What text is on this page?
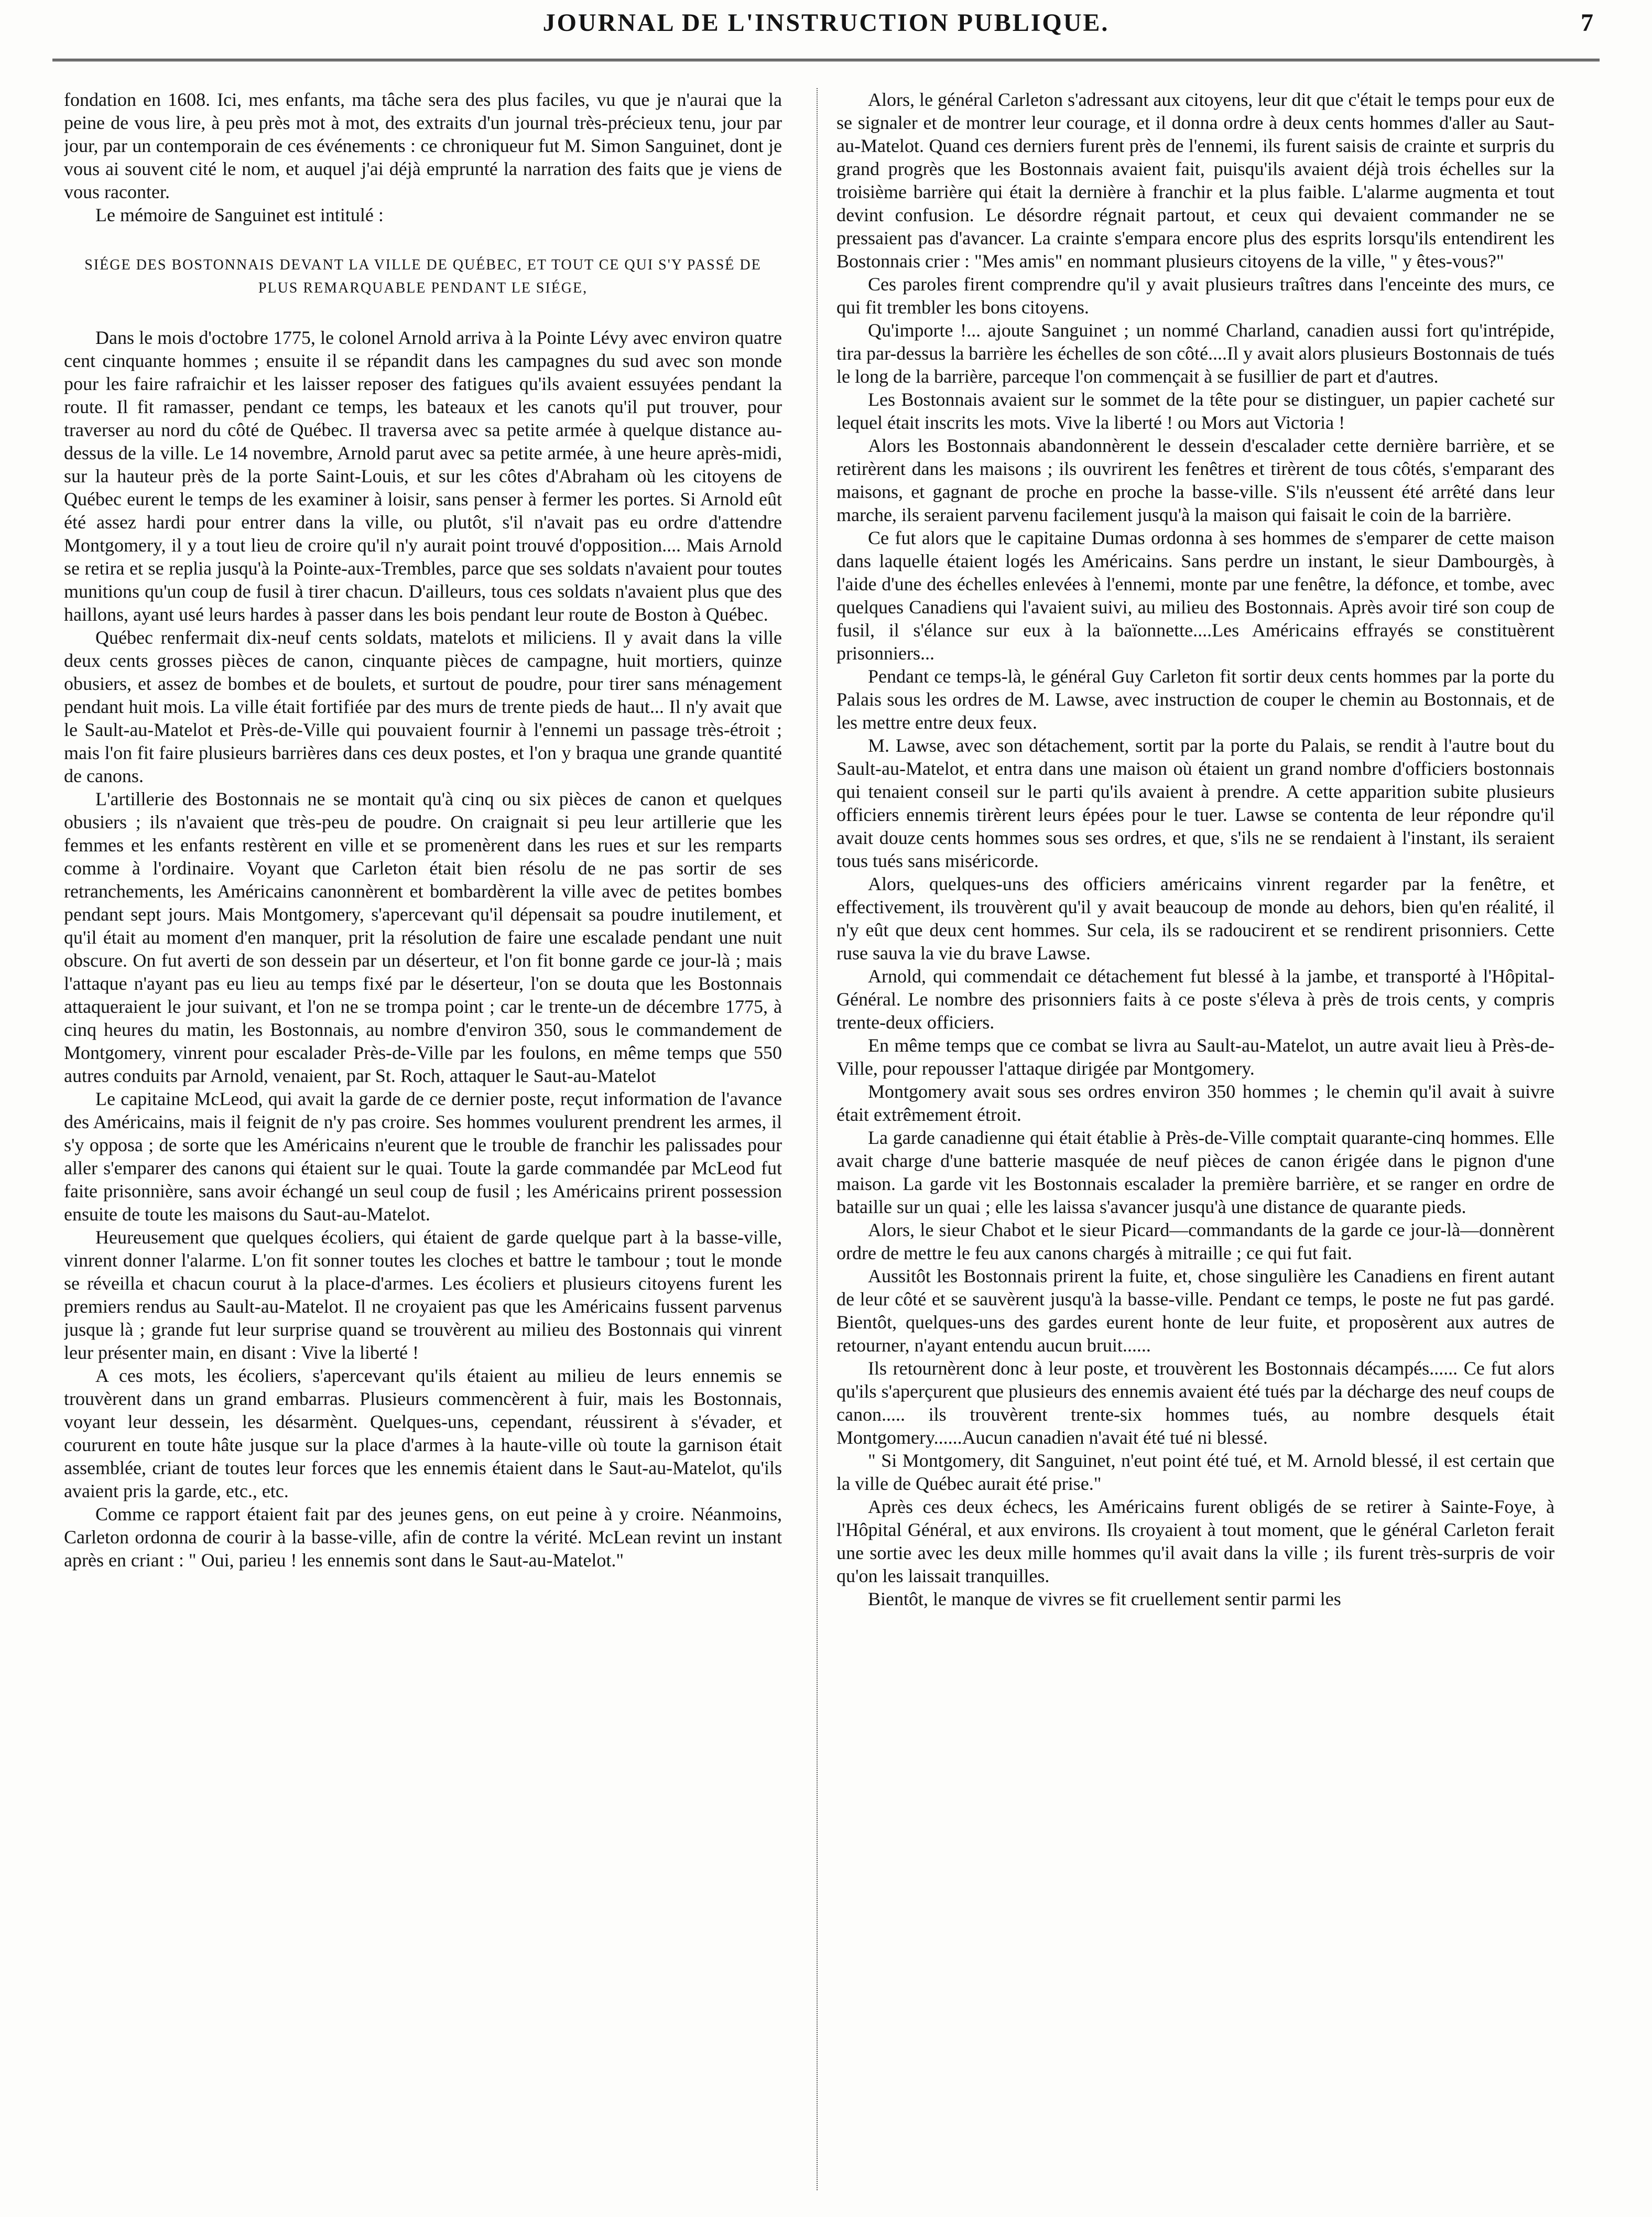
JOURNAL DE L'INSTRUCTION PUBLIQUE.	7

fondation en 1608. Ici, mes enfants, ma tâche sera des plus faciles, vu que je n'aurai que la peine de vous lire, à peu près mot à mot, des extraits d'un journal très-précieux tenu, jour par jour, par un contemporain de ces événements : ce chroniqueur fut M. Simon Sanguinet, dont je vous ai souvent cité le nom, et auquel j'ai déjà emprunté la narration des faits que je viens de vous raconter.

Le mémoire de Sanguinet est intitulé :

SIÉGE DES BOSTONNAIS DEVANT LA VILLE DE QUÉBEC, ET TOUT CE QUI S'Y PASSÉ DE PLUS REMARQUABLE PENDANT LE SIÉGE,

Dans le mois d'octobre 1775, le colonel Arnold arriva à la Pointe Lévy avec environ quatre cent cinquante hommes ; ensuite il se répandit dans les campagnes du sud avec son monde pour les faire rafraichir et les laisser reposer des fatigues qu'ils avaient essuyées pendant la route. Il fit ramasser, pendant ce temps, les bateaux et les canots qu'il put trouver, pour traverser au nord du côté de Québec. Il traversa avec sa petite armée à quelque distance au-dessus de la ville. Le 14 novembre, Arnold parut avec sa petite armée, à une heure après-midi, sur la hauteur près de la porte Saint-Louis, et sur les côtes d'Abraham où les citoyens de Québec eurent le temps de les examiner à loisir, sans penser à fermer les portes. Si Arnold eût été assez hardi pour entrer dans la ville, ou plutôt, s'il n'avait pas eu ordre d'attendre Montgomery, il y a tout lieu de croire qu'il n'y aurait point trouvé d'opposition.... Mais Arnold se retira et se replia jusqu'à la Pointe-aux-Trembles, parce que ses soldats n'avaient pour toutes munitions qu'un coup de fusil à tirer chacun. D'ailleurs, tous ces soldats n'avaient plus que des haillons, ayant usé leurs hardes à passer dans les bois pendant leur route de Boston à Québec.

Québec renfermait dix-neuf cents soldats, matelots et miliciens. Il y avait dans la ville deux cents grosses pièces de canon, cinquante pièces de campagne, huit mortiers, quinze obusiers, et assez de bombes et de boulets, et surtout de poudre, pour tirer sans ménagement pendant huit mois. La ville était fortifiée par des murs de trente pieds de haut... Il n'y avait que le Sault-au-Matelot et Près-de-Ville qui pouvaient fournir à l'ennemi un passage très-étroit ; mais l'on fit faire plusieurs barrières dans ces deux postes, et l'on y braqua une grande quantité de canons.

L'artillerie des Bostonnais ne se montait qu'à cinq ou six pièces de canon et quelques obusiers ; ils n'avaient que très-peu de poudre. On craignait si peu leur artillerie que les femmes et les enfants restèrent en ville et se promenèrent dans les rues et sur les remparts comme à l'ordinaire. Voyant que Carleton était bien résolu de ne pas sortir de ses retranchements, les Américains canonnèrent et bombardèrent la ville avec de petites bombes pendant sept jours. Mais Montgomery, s'apercevant qu'il dépensait sa poudre inutilement, et qu'il était au moment d'en manquer, prit la résolution de faire une escalade pendant une nuit obscure. On fut averti de son dessein par un déserteur, et l'on fit bonne garde ce jour-là ; mais l'attaque n'ayant pas eu lieu au temps fixé par le déserteur, l'on se douta que les Bostonnais attaqueraient le jour suivant, et l'on ne se trompa point ; car le trente-un de décembre 1775, à cinq heures du matin, les Bostonnais, au nombre d'environ 350, sous le commandement de Montgomery, vinrent pour escalader Près-de-Ville par les foulons, en même temps que 550 autres conduits par Arnold, venaient, par St. Roch, attaquer le Saut-au-Matelot

Le capitaine McLeod, qui avait la garde de ce dernier poste, reçut information de l'avance des Américains, mais il feignit de n'y pas croire. Ses hommes voulurent prendrent les armes, il s'y opposa ; de sorte que les Américains n'eurent que le trouble de franchir les palissades pour aller s'emparer des canons qui étaient sur le quai. Toute la garde commandée par McLeod fut faite prisonnière, sans avoir échangé un seul coup de fusil ; les Américains prirent possession ensuite de toute les maisons du Saut-au-Matelot.

Heureusement que quelques écoliers, qui étaient de garde quelque part à la basse-ville, vinrent donner l'alarme. L'on fit sonner toutes les cloches et battre le tambour ; tout le monde se réveilla et chacun courut à la place-d'armes. Les écoliers et plusieurs citoyens furent les premiers rendus au Sault-au-Matelot. Il ne croyaient pas que les Américains fussent parvenus jusque là ; grande fut leur surprise quand se trouvèrent au milieu des Bostonnais qui vinrent leur présenter main, en disant : Vive la liberté !

A ces mots, les écoliers, s'apercevant qu'ils étaient au milieu de leurs ennemis se trouvèrent dans un grand embarras. Plusieurs commencèrent à fuir, mais les Bostonnais, voyant leur dessein, les désarmènt. Quelques-uns, cependant, réussirent à s'évader, et coururent en toute hâte jusque sur la place d'armes à la haute-ville où toute la garnison était assemblée, criant de toutes leur forces que les ennemis étaient dans le Saut-au-Matelot, qu'ils avaient pris la garde, etc., etc.

Comme ce rapport étaient fait par des jeunes gens, on eut peine à y croire. Néanmoins, Carleton ordonna de courir à la basse-ville, afin de contre la vérité. McLean revint un instant après en criant : " Oui, parieu ! les ennemis sont dans le Saut-au-Matelot."

Alors, le général Carleton s'adressant aux citoyens, leur dit que c'était le temps pour eux de se signaler et de montrer leur courage, et il donna ordre à deux cents hommes d'aller au Saut-au-Matelot. Quand ces derniers furent près de l'ennemi, ils furent saisis de crainte et surpris du grand progrès que les Bostonnais avaient fait, puisqu'ils avaient déjà trois échelles sur la troisième barrière qui était la dernière à franchir et la plus faible. L'alarme augmenta et tout devint confusion. Le désordre régnait partout, et ceux qui devaient commander ne se pressaient pas d'avancer. La crainte s'empara encore plus des esprits lorsqu'ils entendirent les Bostonnais crier : "Mes amis" en nommant plusieurs citoyens de la ville, " y êtes-vous?"

Ces paroles firent comprendre qu'il y avait plusieurs traîtres dans l'enceinte des murs, ce qui fit trembler les bons citoyens.

Qu'importe !... ajoute Sanguinet ; un nommé Charland, canadien aussi fort qu'intrépide, tira par-dessus la barrière les échelles de son côté....Il y avait alors plusieurs Bostonnais de tués le long de la barrière, parceque l'on commençait à se fusillier de part et d'autres.

Les Bostonnais avaient sur le sommet de la tête pour se distinguer, un papier cacheté sur lequel était inscrits les mots. Vive la liberté ! ou Mors aut Victoria !

Alors les Bostonnais abandonnèrent le dessein d'escalader cette dernière barrière, et se retirèrent dans les maisons ; ils ouvrirent les fenêtres et tirèrent de tous côtés, s'emparant des maisons, et gagnant de proche en proche la basse-ville. S'ils n'eussent été arrêté dans leur marche, ils seraient parvenu facilement jusqu'à la maison qui faisait le coin de la barrière.

Ce fut alors que le capitaine Dumas ordonna à ses hommes de s'emparer de cette maison dans laquelle étaient logés les Américains. Sans perdre un instant, le sieur Dambourgès, à l'aide d'une des échelles enlevées à l'ennemi, monte par une fenêtre, la défonce, et tombe, avec quelques Canadiens qui l'avaient suivi, au milieu des Bostonnais. Après avoir tiré son coup de fusil, il s'élance sur eux à la baïonnette....Les Américains effrayés se constituèrent prisonniers...

Pendant ce temps-là, le général Guy Carleton fit sortir deux cents hommes par la porte du Palais sous les ordres de M. Lawse, avec instruction de couper le chemin au Bostonnais, et de les mettre entre deux feux.

M. Lawse, avec son détachement, sortit par la porte du Palais, se rendit à l'autre bout du Sault-au-Matelot, et entra dans une maison où étaient un grand nombre d'officiers bostonnais qui tenaient conseil sur le parti qu'ils avaient à prendre. A cette apparition subite plusieurs officiers ennemis tirèrent leurs épées pour le tuer. Lawse se contenta de leur répondre qu'il avait douze cents hommes sous ses ordres, et que, s'ils ne se rendaient à l'instant, ils seraient tous tués sans miséricorde.

Alors, quelques-uns des officiers américains vinrent regarder par la fenêtre, et effectivement, ils trouvèrent qu'il y avait beaucoup de monde au dehors, bien qu'en réalité, il n'y eût que deux cent hommes. Sur cela, ils se radoucirent et se rendirent prisonniers. Cette ruse sauva la vie du brave Lawse.

Arnold, qui commendait ce détachement fut blessé à la jambe, et transporté à l'Hôpital-Général. Le nombre des prisonniers faits à ce poste s'éleva à près de trois cents, y compris trente-deux officiers.

En même temps que ce combat se livra au Sault-au-Matelot, un autre avait lieu à Près-de-Ville, pour repousser l'attaque dirigée par Montgomery.

Montgomery avait sous ses ordres environ 350 hommes ; le chemin qu'il avait à suivre était extrêmement étroit.

La garde canadienne qui était établie à Près-de-Ville comptait quarante-cinq hommes. Elle avait charge d'une batterie masquée de neuf pièces de canon érigée dans le pignon d'une maison. La garde vit les Bostonnais escalader la première barrière, et se ranger en ordre de bataille sur un quai ; elle les laissa s'avancer jusqu'à une distance de quarante pieds.

Alors, le sieur Chabot et le sieur Picard—commandants de la garde ce jour-là—donnèrent ordre de mettre le feu aux canons chargés à mitraille ; ce qui fut fait.

Aussitôt les Bostonnais prirent la fuite, et, chose singulière les Canadiens en firent autant de leur côté et se sauvèrent jusqu'à la basse-ville. Pendant ce temps, le poste ne fut pas gardé. Bientôt, quelques-uns des gardes eurent honte de leur fuite, et proposèrent aux autres de retourner, n'ayant entendu aucun bruit......

Ils retournèrent donc à leur poste, et trouvèrent les Bostonnais décampés...... Ce fut alors qu'ils s'aperçurent que plusieurs des ennemis avaient été tués par la décharge des neuf coups de canon..... ils trouvèrent trente-six hommes tués, au nombre desquels était Montgomery......Aucun canadien n'avait été tué ni blessé.

" Si Montgomery, dit Sanguinet, n'eut point été tué, et M. Arnold blessé, il est certain que la ville de Québec aurait été prise."

Après ces deux échecs, les Américains furent obligés de se retirer à Sainte-Foye, à l'Hôpital Général, et aux environs. Ils croyaient à tout moment, que le général Carleton ferait une sortie avec les deux mille hommes qu'il avait dans la ville ; ils furent très-surpris de voir qu'on les laissait tranquilles.

Bientôt, le manque de vivres se fit cruellement sentir parmi les
